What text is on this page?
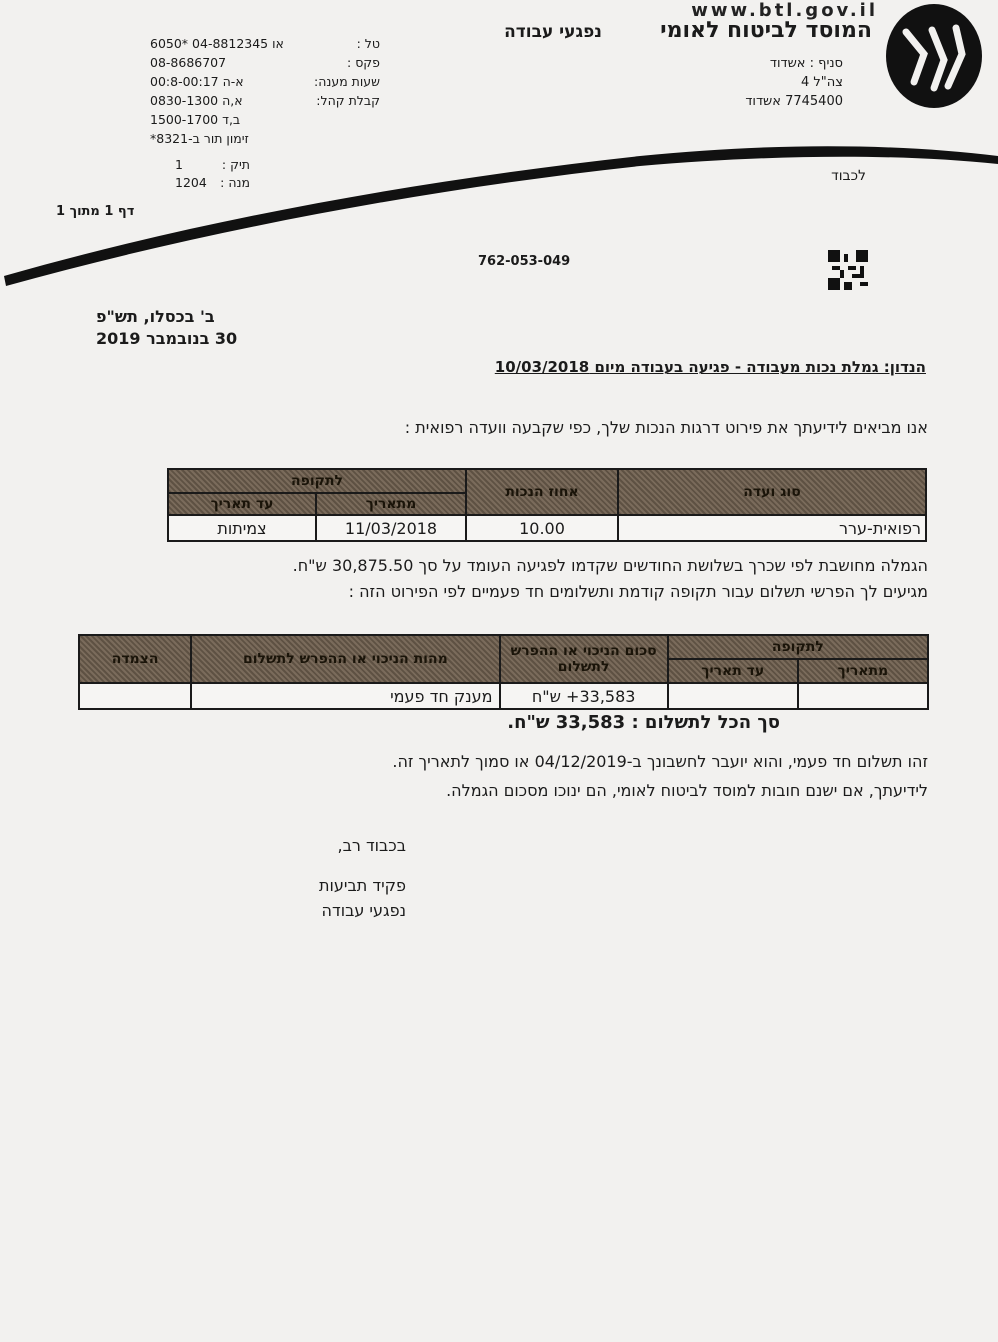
www.btl.gov.il
המוסד לביטוח לאומי
נפגעי עבודה
סניף : אשדוד
צה"ל 4
7745400 אשדוד
טל :
6050* או 04-8812345
פקס :
08-8686707
שעות מענה:
א-ה 00:8-00:17
קבלת קהל:
א,ה 0830-1300
ב,ד 1500-1700
זימון תור ב-8321*
תיק :
1
מנה :
1204	לכבוד
דף 1 מתוך 1
762-053-049
ב' בכסלו, תש"פ
30 בנובמבר 2019
הנדון: גמלת נכות מעבודה - פגיעה בעבודה מיום 10/03/2018
אנו מביאים לידיעתך את פירוט דרגות הנכות שלך, כפי שקבעה וועדה רפואית :
סוג ועדה	אחוז הנכות	לתקופה	
		מתאריך	עד תאריך
רפואית-ערר	10.00	11/03/2018	צמיתות
הגמלה מחושבת לפי שכרך בשלושת החודשים שקדמו לפגיעה העומד על סך 30,875.50 ש"ח.
מגיעים לך הפרשי תשלום עבור תקופה קודמת ותשלומים חד פעמיים לפי הפירוט הזה :
לתקופה		סכום הניכוי או ההפרש לתשלום	מהות הניכוי או ההפרש לתשלום	הצמדה
מתאריך	עד תאריך			
		33,583+ ש"ח	מענק חד פעמי	
סך הכל לתשלום : 33,583 ש"ח.
זהו תשלום חד פעמי, והוא יועבר לחשבונך ב-04/12/2019 או סמוך לתאריך זה.
לידיעתך, אם ישנם חובות למוסד לביטוח לאומי, הם ינוכו מסכום הגמלה.
בכבוד רב,
פקיד תביעות
נפגעי עבודה
